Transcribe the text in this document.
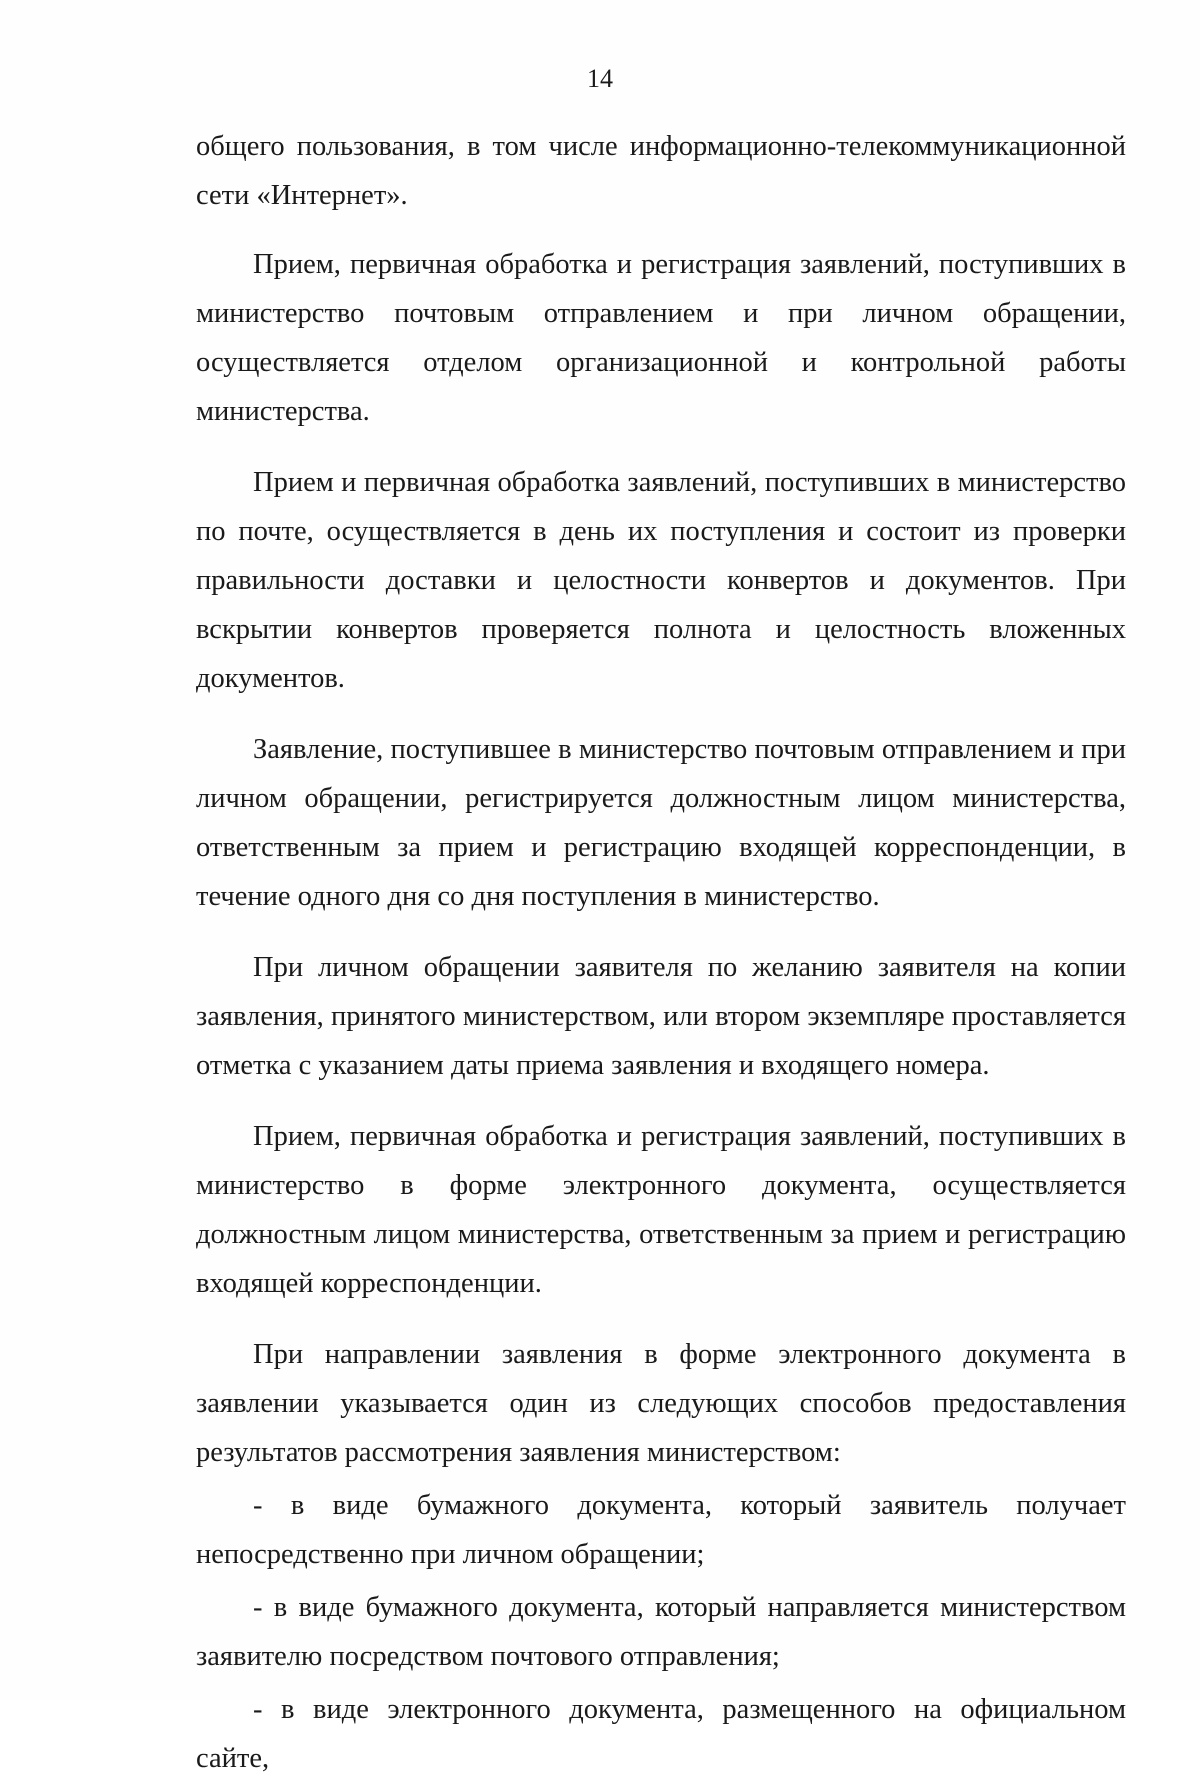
14

общего пользования, в том числе информационно-телекоммуникационной сети «Интернет».

Прием, первичная обработка и регистрация заявлений, поступивших в министерство почтовым отправлением и при личном обращении, осуществляется отделом организационной и контрольной работы министерства.

Прием и первичная обработка заявлений, поступивших в министерство по почте, осуществляется в день их поступления и состоит из проверки правильности доставки и целостности конвертов и документов. При вскрытии конвертов проверяется полнота и целостность вложенных документов.

Заявление, поступившее в министерство почтовым отправлением и при личном обращении, регистрируется должностным лицом министерства, ответственным за прием и регистрацию входящей корреспонденции, в течение одного дня со дня поступления в министерство.

При личном обращении заявителя по желанию заявителя на копии заявления, принятого министерством, или втором экземпляре проставляется отметка с указанием даты приема заявления и входящего номера.

Прием, первичная обработка и регистрация заявлений, поступивших в министерство в форме электронного документа, осуществляется должностным лицом министерства, ответственным за прием и регистрацию входящей корреспонденции.

При направлении заявления в форме электронного документа в заявлении указывается один из следующих способов предоставления результатов рассмотрения заявления министерством:

- в виде бумажного документа, который заявитель получает непосредственно при личном обращении;

- в виде бумажного документа, который направляется министерством заявителю посредством почтового отправления;

- в виде электронного документа, размещенного на официальном сайте,
